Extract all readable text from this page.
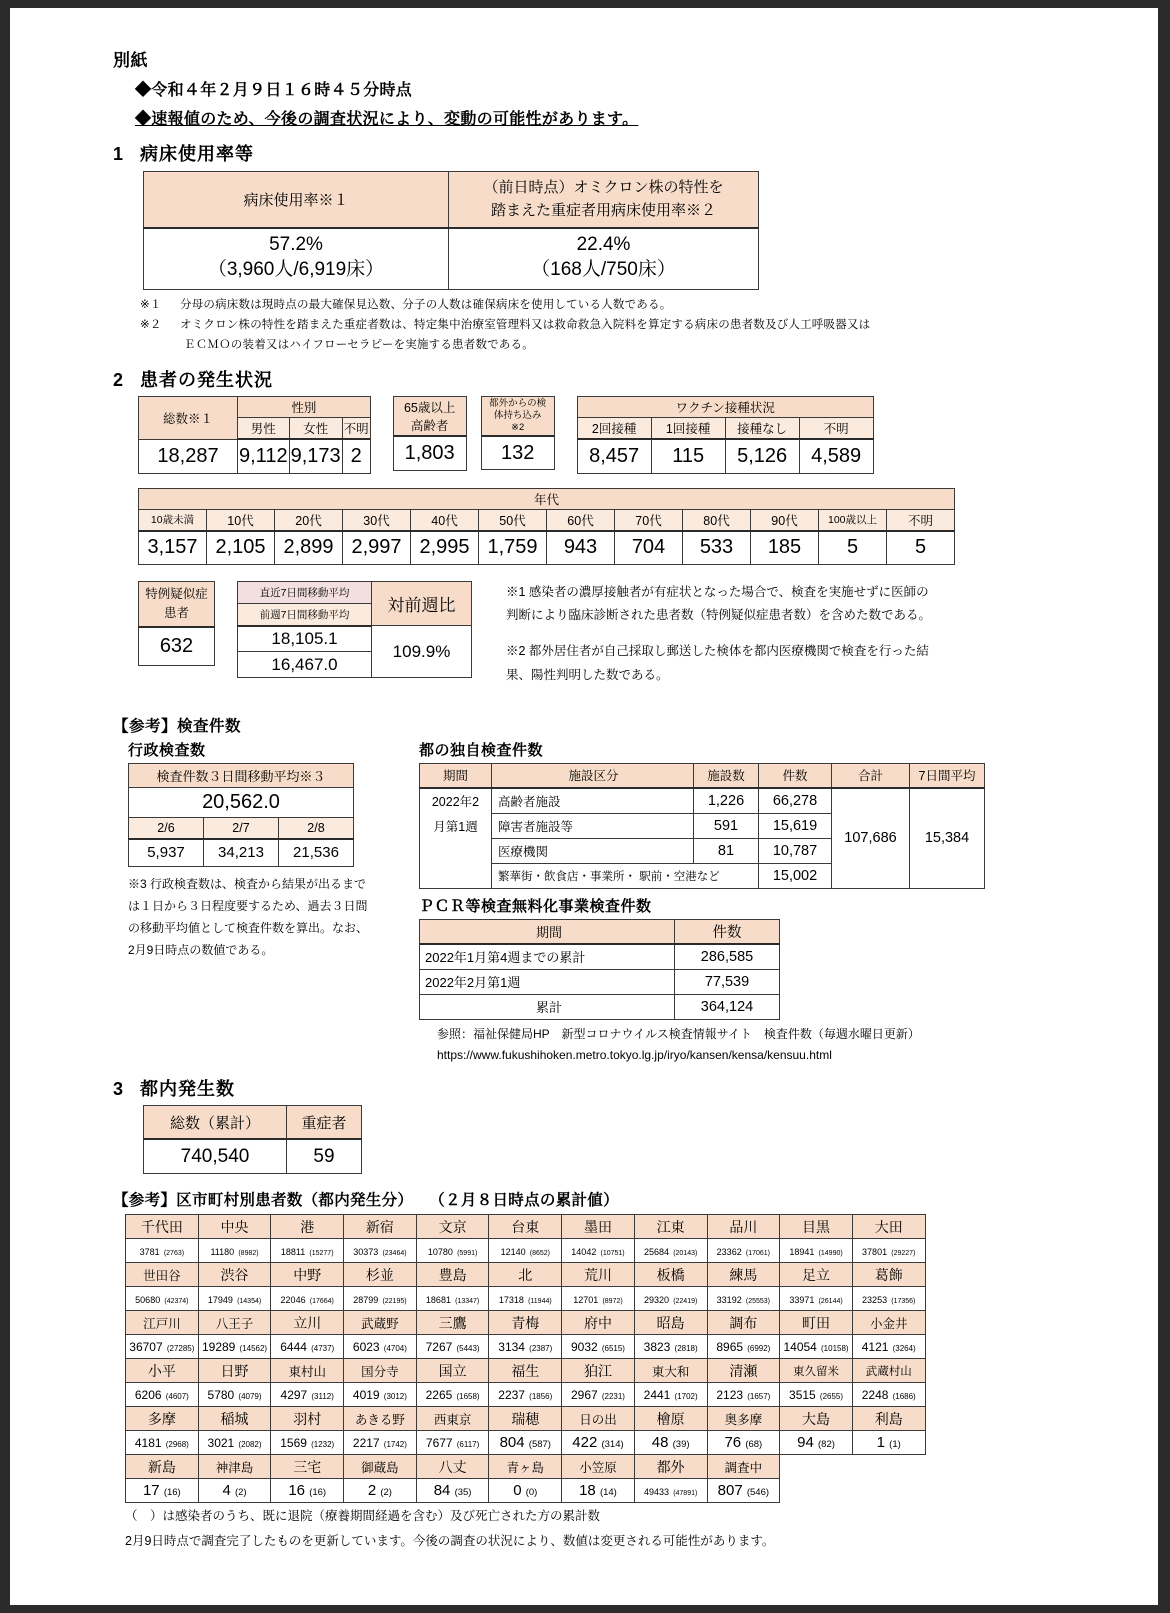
別紙
◆令和４年２月９日１６時４５分時点
◆速報値のため、今後の調査状況により、変動の可能性があります。
1 病床使用率等
病床使用率※１	（前日時点）オミクロン株の特性を
踏まえた重症者用病床使用率※２

57.2%
（3,960人/6,919床）

22.4%
（168人/750床）
※１ 分母の病床数は現時点の最大確保見込数、分子の人数は確保病床を使用している人数である。
※２ オミクロン株の特性を踏まえた重症者数は、特定集中治療室管理料又は救命救急入院料を算定する病床の患者数及び人工呼吸器又は
ＥＣＭＯの装着又はハイフローセラピーを実施する患者数である。
2 患者の発生状況
総数※１	性別		
	男性	女性	不明
18,287	9,112	9,173	2
65歳以上
高齢者

1,803
都外からの検
体持ち込み
※2

132
ワクチン接種状況			
2回接種	1回接種	接種なし	不明
8,457	115	5,126	4,589
年代											
10歳未満	10代	20代	30代	40代	50代	60代	70代	80代	90代	100歳以上	不明
3,157	2,105	2,899	2,997	2,995	1,759	943	704	533	185	5	5
特例疑似症
患者

632
直近7日間移動平均	対前週比
前週7日間移動平均	
18,105.1	109.9%
16,467.0	

※1 感染者の濃厚接触者が有症状となった場合で、検査を実施せずに医師の判断により臨床診断された患者数（特例疑似症患者数）を含めた数である。

※2 都外居住者が自己採取し郵送した検体を都内医療機関で検査を行った結果、陽性判明した数である。

【参考】検査件数
行政検査数
検査件数３日間移動平均※３		
20,562.0		
2/6	2/7	2/8
5,937	34,213	21,536
※3 行政検査数は、検査から結果が出るまでは１日から３日程度要するため、過去３日間の移動平均値として検査件数を算出。なお、2月9日時点の数値である。
都の独自検査件数
期間	施設区分	施設数	件数	合計	7日間平均
2022年2	高齢者施設	1,226	66,278	107,686	15,384
月第1週	障害者施設等	591	15,619		
	医療機関	81	10,787		
	繁華街・飲食店・事業所・ 駅前・空港など		15,002		
ＰＣＲ等検査無料化事業検査件数
期間	件数
2022年1月第4週までの累計	286,585
2022年2月第1週	77,539
累計	364,124
参照：福祉保健局HP　新型コロナウイルス検査情報サイト　検査件数（毎週水曜日更新）
https://www.fukushihoken.metro.tokyo.lg.jp/iryo/kansen/kensa/kensuu.html
3 都内発生数
総数（累計）	重症者
740,540	59
【参考】区市町村別患者数（都内発生分）　　（２月８日時点の累計値）
千代田	中央	港	新宿	文京	台東	墨田	江東	品川	目黒	大田
3781 (2763)	11180 (8982)	18811 (15277)	30373 (23464)	10780 (5991)	12140 (8652)	14042 (10751)	25684 (20143)	23362 (17061)	18941 (14990)	37801 (29227)
世田谷	渋谷	中野	杉並	豊島	北	荒川	板橋	練馬	足立	葛飾
50680 (42374)	17949 (14354)	22046 (17664)	28799 (22195)	18681 (13347)	17318 (11944)	12701 (8972)	29320 (22419)	33192 (25553)	33971 (26144)	23253 (17356)
江戸川	八王子	立川	武蔵野	三鷹	青梅	府中	昭島	調布	町田	小金井
36707 (27285)	19289 (14562)	6444 (4737)	6023 (4704)	7267 (5443)	3134 (2387)	9032 (6515)	3823 (2818)	8965 (6992)	14054 (10158)	4121 (3264)
小平	日野	東村山	国分寺	国立	福生	狛江	東大和	清瀬	東久留米	武蔵村山
6206 (4607)	5780 (4079)	4297 (3112)	4019 (3012)	2265 (1658)	2237 (1856)	2967 (2231)	2441 (1702)	2123 (1657)	3515 (2655)	2248 (1686)
多摩	稲城	羽村	あきる野	西東京	瑞穂	日の出	檜原	奥多摩	大島	利島
4181 (2968)	3021 (2082)	1569 (1232)	2217 (1742)	7677 (6117)	804 (587)	422 (314)	48 (39)	76 (68)	94 (82)	1 (1)
新島	神津島	三宅	御蔵島	八丈	青ヶ島	小笠原	都外	調査中		
17 (16)	4 (2)	16 (16)	2 (2)	84 (35)	0 (0)	18 (14)	49433 (47891)	807 (546)		
（　）は感染者のうち、既に退院（療養期間経過を含む）及び死亡された方の累計数
2月9日時点で調査完了したものを更新しています。今後の調査の状況により、数値は変更される可能性があります。
